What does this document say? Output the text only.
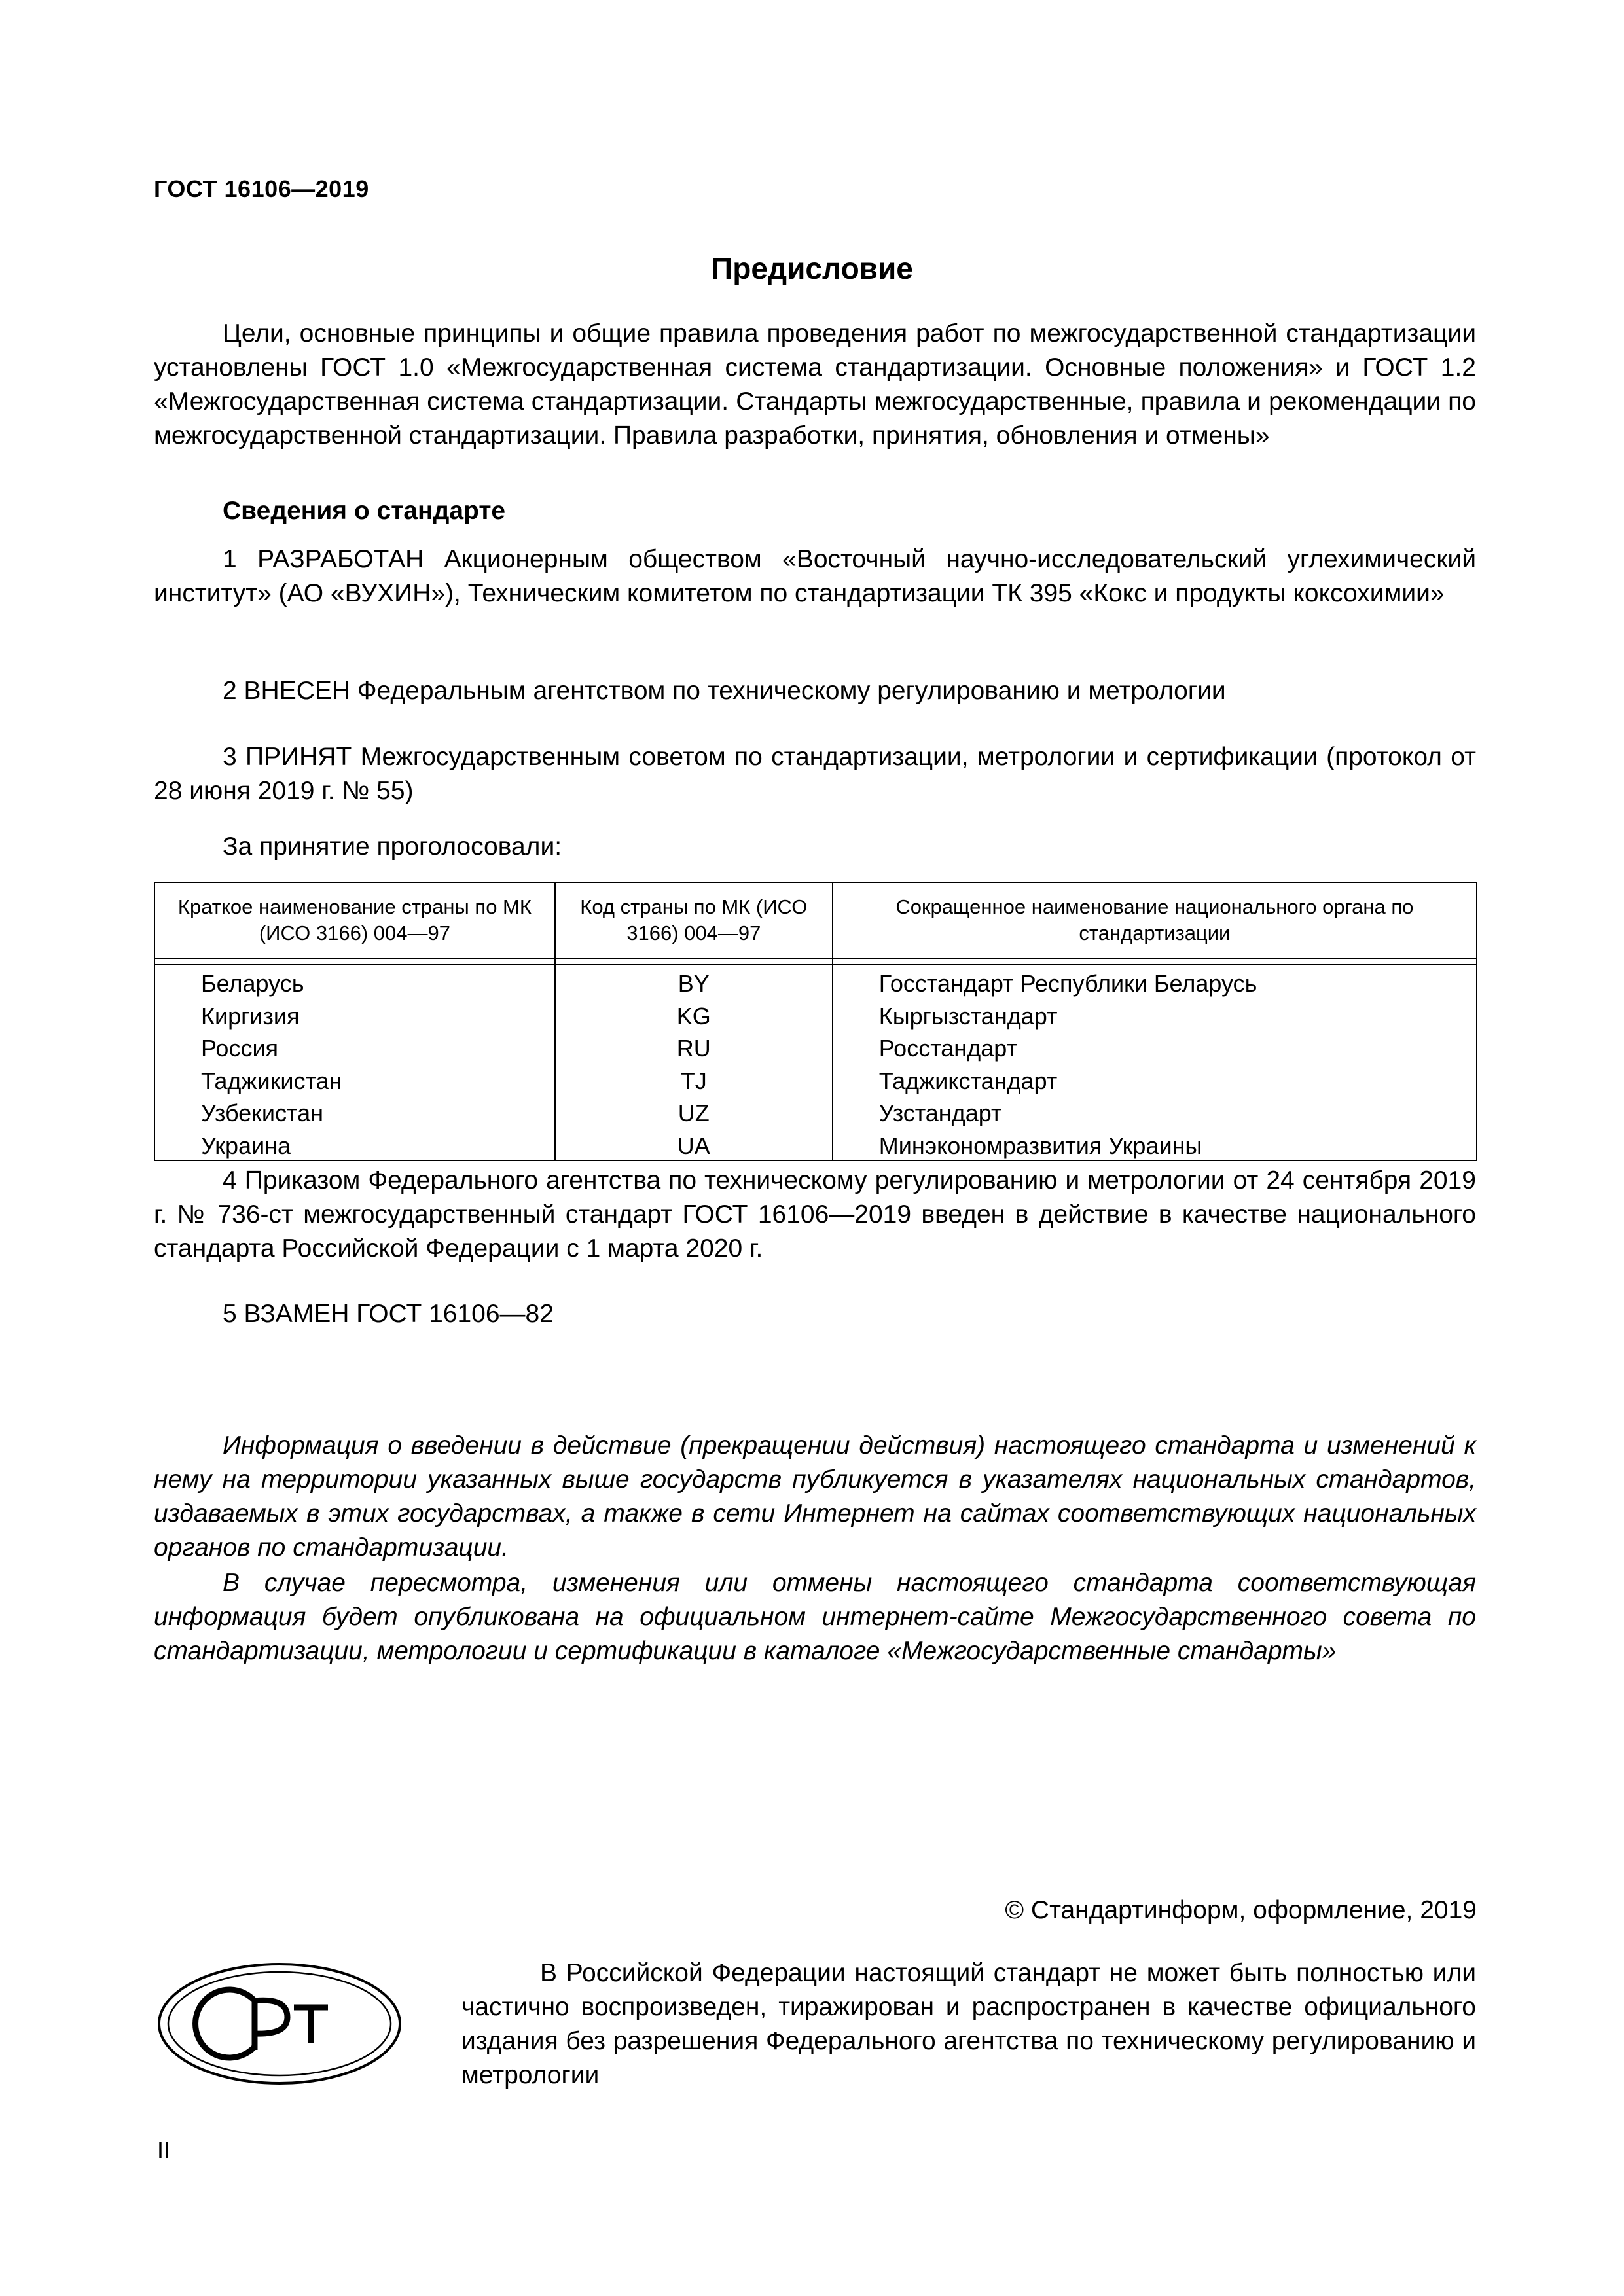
ГОСТ 16106—2019
Предисловие

Цели, основные принципы и общие правила проведения работ по межгосударственной стандартизации установлены ГОСТ 1.0 «Межгосударственная система стандартизации. Основные положения» и ГОСТ 1.2 «Межгосударственная система стандартизации. Стандарты межгосударственные, правила и рекомендации по межгосударственной стандартизации. Правила разработки, принятия, обновления и отмены»

Сведения о стандарте

1 РАЗРАБОТАН Акционерным обществом «Восточный научно-исследовательский углехимический институт» (АО «ВУХИН»), Техническим комитетом по стандартизации ТК 395 «Кокс и продукты коксохимии»

2 ВНЕСЕН Федеральным агентством по техническому регулированию и метрологии

3 ПРИНЯТ Межгосударственным советом по стандартизации, метрологии и сертификации (протокол от 28 июня 2019 г. № 55)

За принятие проголосовали:

Краткое наименование страны по МК (ИСО 3166) 004—97	Код страны по МК (ИСО 3166) 004—97	Сокращенное наименование национального органа по стандартизации

Беларусь	BY	Госстандарт Республики Беларусь
Киргизия	KG	Кыргызстандарт
Россия	RU	Росстандарт
Таджикистан	TJ	Таджикстандарт
Узбекистан	UZ	Узстандарт
Украина	UA	Минэкономразвития Украины

4 Приказом Федерального агентства по техническому регулированию и метрологии от 24 сентября 2019 г. № 736-ст межгосударственный стандарт ГОСТ 16106—2019 введен в действие в качестве национального стандарта Российской Федерации с 1 марта 2020 г.

5 ВЗАМЕН ГОСТ 16106—82

Информация о введении в действие (прекращении действия) настоящего стандарта и изменений к нему на территории указанных выше государств публикуется в указателях национальных стандартов, издаваемых в этих государствах, а также в сети Интернет на сайтах соответствующих национальных органов по стандартизации.

В случае пересмотра, изменения или отмены настоящего стандарта соответствующая информация будет опубликована на официальном интернет-сайте Межгосударственного совета по стандартизации, метрологии и сертификации в каталоге «Межгосударственные стандарты»

© Стандартинформ, оформление, 2019

В Российской Федерации настоящий стандарт не может быть полностью или частично воспроизведен, тиражирован и распространен в качестве официального издания без разрешения Федерального агентства по техническому регулированию и метрологии

II
